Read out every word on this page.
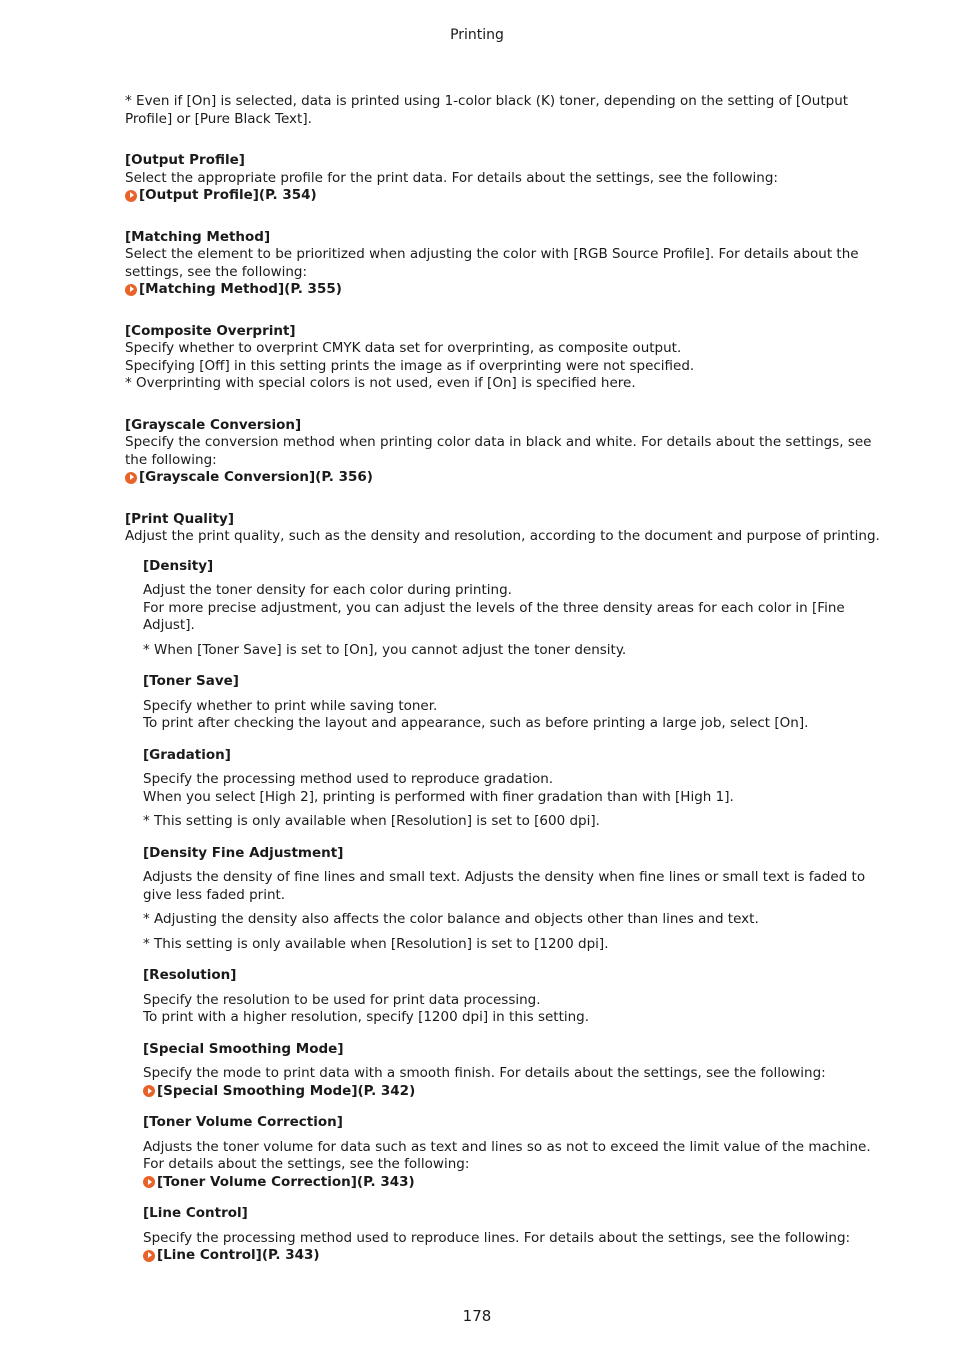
Printing

* Even if [On] is selected, data is printed using 1-color black (K) toner, depending on the setting of [Output Profile] or [Pure Black Text].

[Output Profile]

Select the appropriate profile for the print data. For details about the settings, see the following:

[Output Profile](P. 354)

[Matching Method]

Select the element to be prioritized when adjusting the color with [RGB Source Profile]. For details about the settings, see the following:

[Matching Method](P. 355)

[Composite Overprint]

Specify whether to overprint CMYK data set for overprinting, as composite output.

Specifying [Off] in this setting prints the image as if overprinting were not specified.

* Overprinting with special colors is not used, even if [On] is specified here.

[Grayscale Conversion]

Specify the conversion method when printing color data in black and white. For details about the settings, see the following:

[Grayscale Conversion](P. 356)

[Print Quality]

Adjust the print quality, such as the density and resolution, according to the document and purpose of printing.

[Density]

Adjust the toner density for each color during printing.

For more precise adjustment, you can adjust the levels of the three density areas for each color in [Fine Adjust].

* When [Toner Save] is set to [On], you cannot adjust the toner density.

[Toner Save]

Specify whether to print while saving toner.

To print after checking the layout and appearance, such as before printing a large job, select [On].

[Gradation]

Specify the processing method used to reproduce gradation.

When you select [High 2], printing is performed with finer gradation than with [High 1].

* This setting is only available when [Resolution] is set to [600 dpi].

[Density Fine Adjustment]

Adjusts the density of fine lines and small text. Adjusts the density when fine lines or small text is faded to give less faded print.

* Adjusting the density also affects the color balance and objects other than lines and text.

* This setting is only available when [Resolution] is set to [1200 dpi].

[Resolution]

Specify the resolution to be used for print data processing.

To print with a higher resolution, specify [1200 dpi] in this setting.

[Special Smoothing Mode]

Specify the mode to print data with a smooth finish. For details about the settings, see the following:

[Special Smoothing Mode](P. 342)

[Toner Volume Correction]

Adjusts the toner volume for data such as text and lines so as not to exceed the limit value of the machine.

For details about the settings, see the following:

[Toner Volume Correction](P. 343)

[Line Control]

Specify the processing method used to reproduce lines. For details about the settings, see the following:

[Line Control](P. 343)

178
